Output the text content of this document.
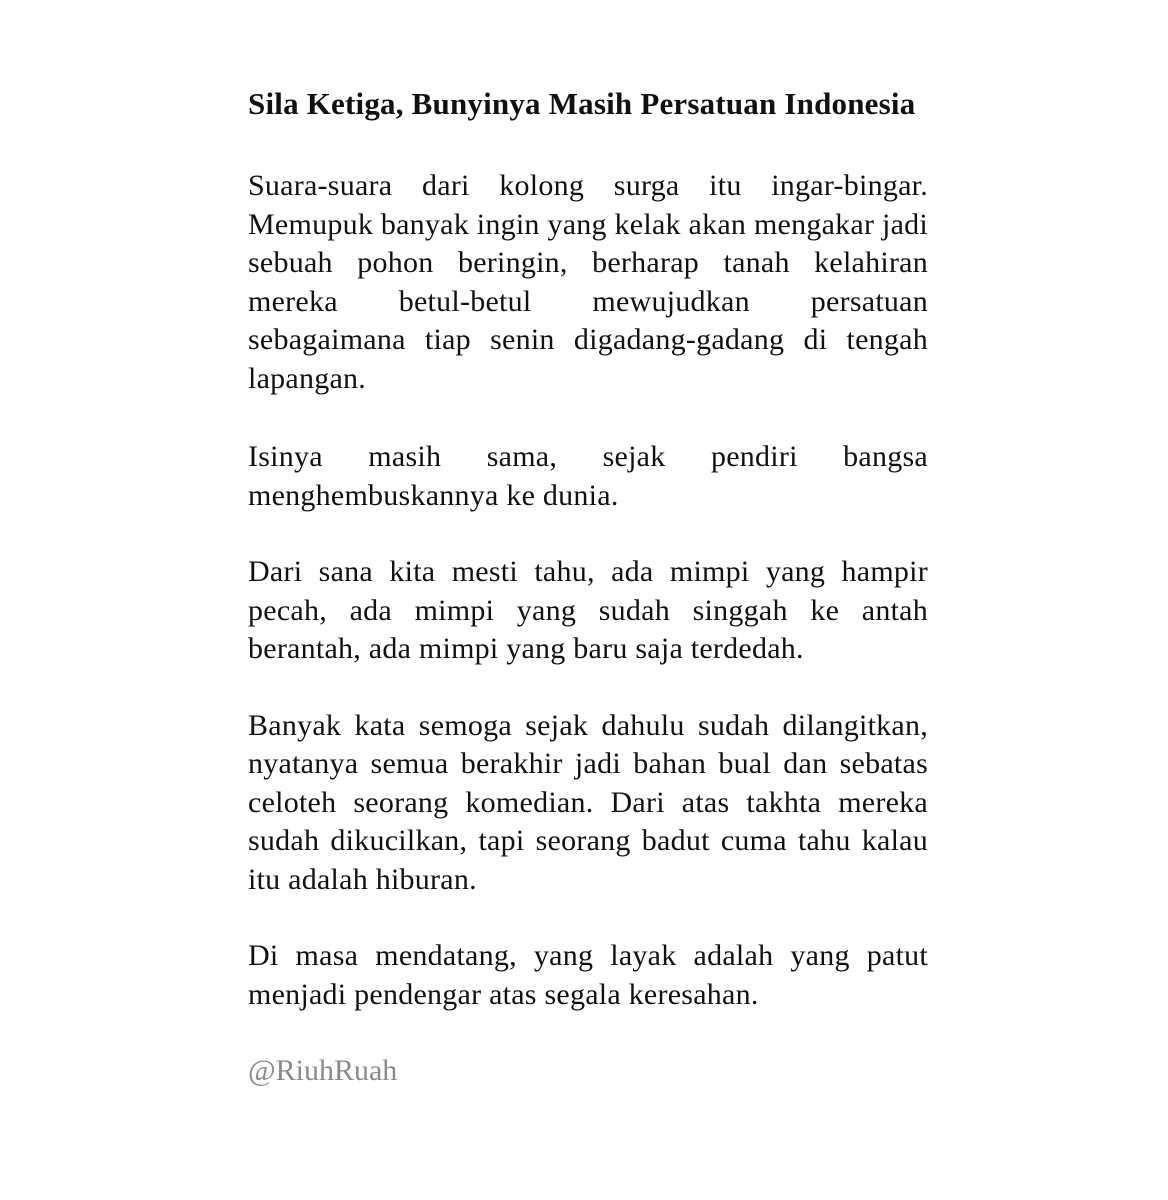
Sila Ketiga, Bunyinya Masih Persatuan Indonesia

Suara-suara dari kolong surga itu ingar-bingar. Memupuk banyak ingin yang kelak akan mengakar jadi sebuah pohon beringin, berharap tanah kelahiran mereka betul-betul mewujudkan persatuan sebagaimana tiap senin digadang-gadang di tengah lapangan.

Isinya masih sama, sejak pendiri bangsa menghembuskannya ke dunia.

Dari sana kita mesti tahu, ada mimpi yang hampir pecah, ada mimpi yang sudah singgah ke antah berantah, ada mimpi yang baru saja terdedah.

Banyak kata semoga sejak dahulu sudah dilangitkan, nyatanya semua berakhir jadi bahan bual dan sebatas celoteh seorang komedian. Dari atas takhta mereka sudah dikucilkan, tapi seorang badut cuma tahu kalau itu adalah hiburan.

Di masa mendatang, yang layak adalah yang patut menjadi pendengar atas segala keresahan.

@RiuhRuah
